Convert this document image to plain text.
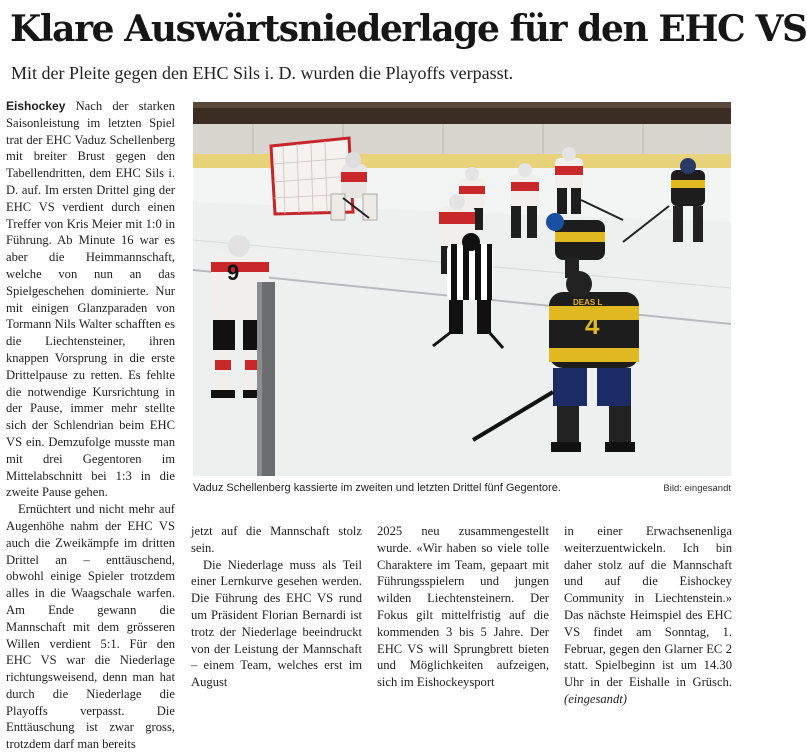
Klare Auswärtsniederlage für den EHC VS

Mit der Pleite gegen den EHC Sils i. D. wurden die Playoffs verpasst.

Eishockey Nach der starken Saisonleistung im letzten Spiel trat der EHC Vaduz Schellenberg mit breiter Brust gegen den Tabellendritten, dem EHC Sils i. D. auf. Im ersten Drittel ging der EHC VS verdient durch einen Treffer von Kris Meier mit 1:0 in Führung. Ab Minute 16 war es aber die Heimmannschaft, welche von nun an das Spielgeschehen dominierte. Nur mit einigen Glanzparaden von Tormann Nils Walter schafften es die Liechtensteiner, ihren knappen Vorsprung in die erste Drittelpause zu retten. Es fehlte die notwendige Kursrichtung in der Pause, immer mehr stellte sich der Schlendrian beim EHC VS ein. Demzufolge musste man mit drei Gegentoren im Mittelabschnitt bei 1:3 in die zweite Pause gehen.

Ernüchtert und nicht mehr auf Augenhöhe nahm der EHC VS auch die Zweikämpfe im dritten Drittel an – enttäuschend, obwohl einige Spieler trotzdem alles in die Waagschale warfen. Am Ende gewann die Mannschaft mit dem grösseren Willen verdient 5:1. Für den EHC VS war die Niederlage richtungsweisend, denn man hat durch die Niederlage die Playoffs verpasst. Die Enttäuschung ist zwar gross, trotzdem darf man bereits

9
4
DEAS L

Vaduz Schellenberg kassierte im zweiten und letzten Drittel fünf Gegentore.	Bild: eingesandt

jetzt auf die Mannschaft stolz sein.

Die Niederlage muss als Teil einer Lernkurve gesehen werden. Die Führung des EHC VS rund um Präsident Florian Bernardi ist trotz der Niederlage beeindruckt von der Leistung der Mannschaft – einem Team, welches erst im August

2025 neu zusammengestellt wurde. «Wir haben so viele tolle Charaktere im Team, gepaart mit Führungsspielern und jungen wilden Liechtensteinern. Der Fokus gilt mittelfristig auf die kommenden 3 bis 5 Jahre. Der EHC VS will Sprungbrett bieten und Möglichkeiten aufzeigen, sich im Eishockeysport

in einer Erwachsenenliga weiterzuentwickeln. Ich bin daher stolz auf die Mannschaft und auf die Eishockey Community in Liechtenstein.» Das nächste Heimspiel des EHC VS findet am Sonntag, 1. Februar, gegen den Glarner EC 2 statt. Spielbeginn ist um 14.30 Uhr in der Eishalle in Grüsch. (eingesandt)
